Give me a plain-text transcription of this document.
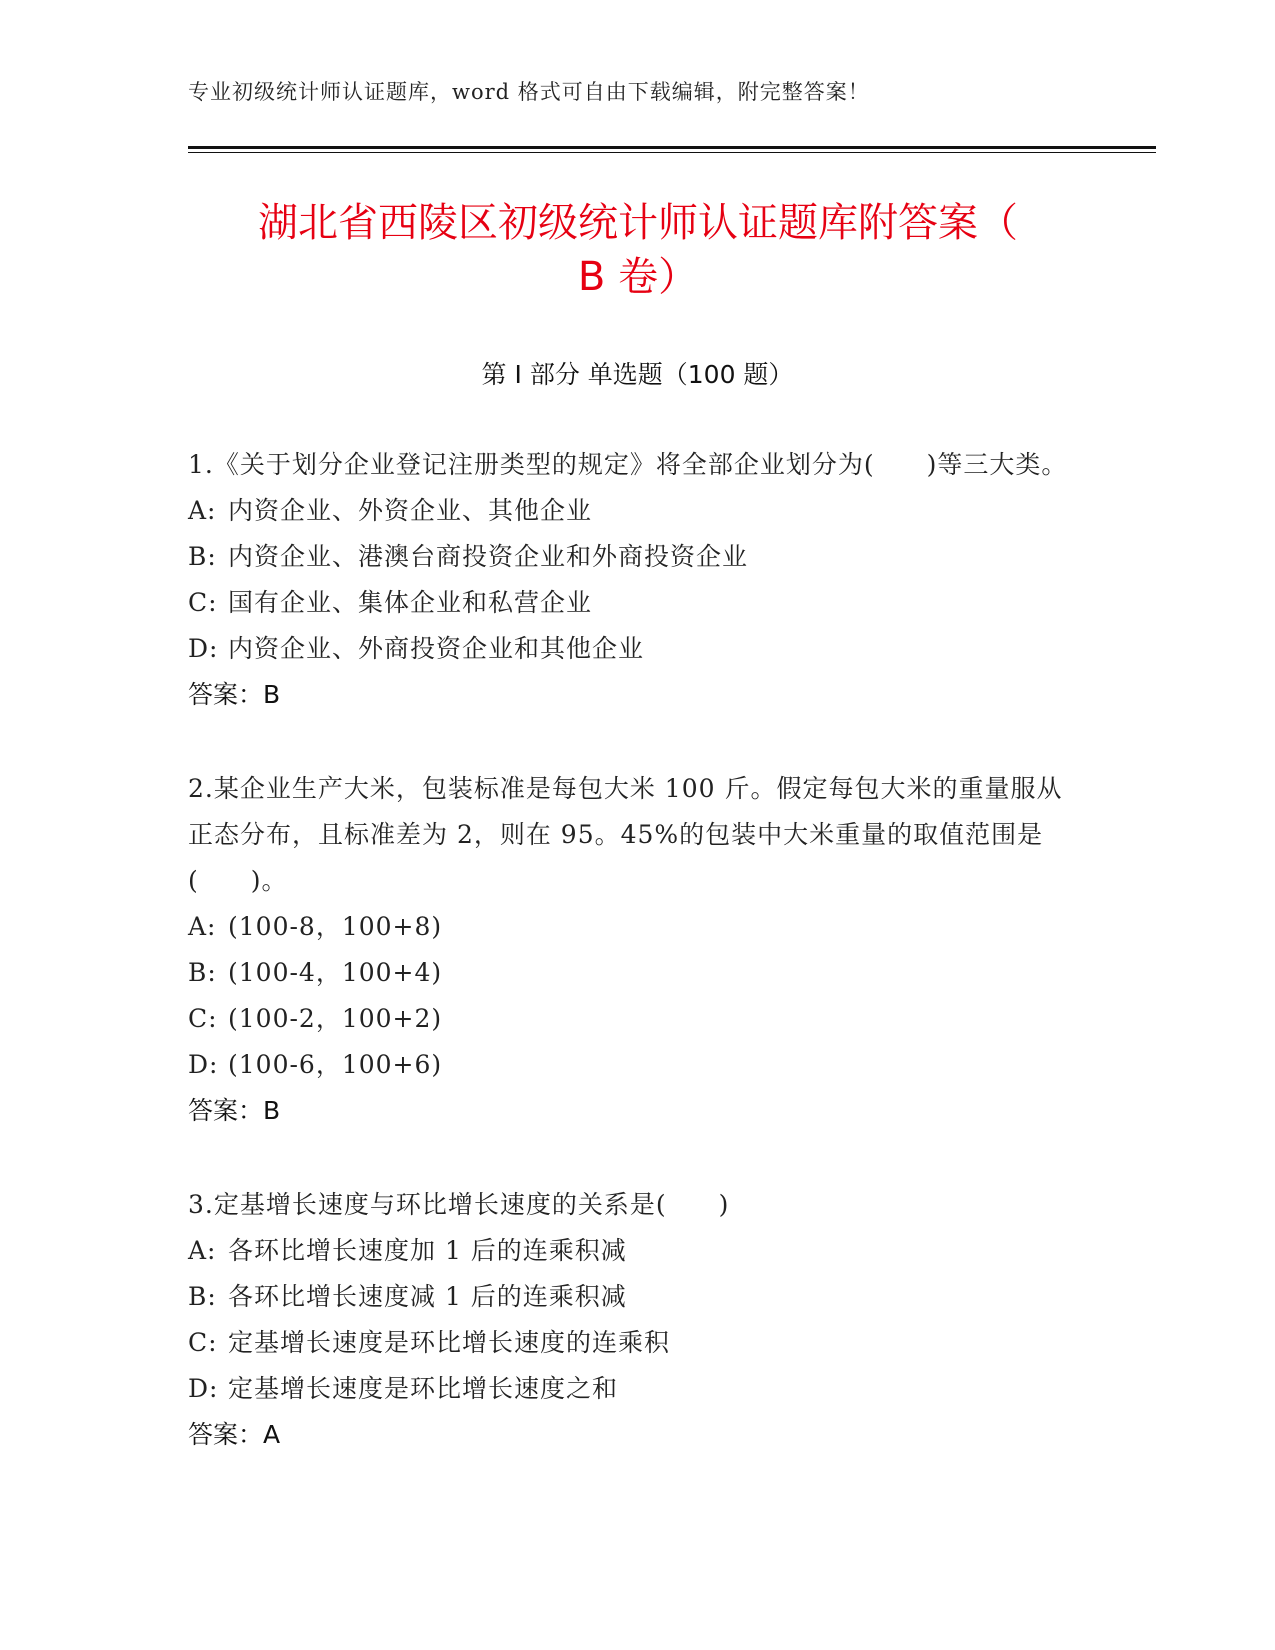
专业初级统计师认证题库，word 格式可自由下载编辑，附完整答案！
湖北省西陵区初级统计师认证题库附答案（
B 卷）
第 I 部分 单选题（100 题）

1.《关于划分企业登记注册类型的规定》将全部企业划分为(　　)等三大类。

A: 内资企业、外资企业、其他企业

B: 内资企业、港澳台商投资企业和外商投资企业

C: 国有企业、集体企业和私营企业

D: 内资企业、外商投资企业和其他企业

答案：B

2.某企业生产大米，包装标准是每包大米 100 斤。假定每包大米的重量服从正态分布，且标准差为 2，则在 95。45%的包装中大米重量的取值范围是(　　)。

A: (100-8，100+8)

B: (100-4，100+4)

C: (100-2，100+2)

D: (100-6，100+6)

答案：B

3.定基增长速度与环比增长速度的关系是(　　)

A: 各环比增长速度加 1 后的连乘积减

B: 各环比增长速度减 1 后的连乘积减

C: 定基增长速度是环比增长速度的连乘积

D: 定基增长速度是环比增长速度之和

答案：A
